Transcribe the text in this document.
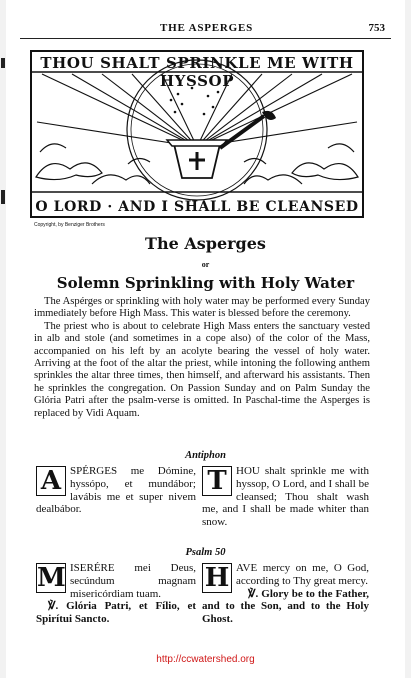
THE ASPERGES	753
THOU SHALT SPRINKLE ME WITH HYSSOP
O LORD · AND I SHALL BE CLEANSED
Copyright, by Benziger Brothers
The Asperges
or
Solemn Sprinkling with Holy Water

The Aspérges or sprinkling with holy water may be performed every Sunday immediately before High Mass. This water is blessed before the ceremony.

The priest who is about to celebrate High Mass enters the sanctuary vested in alb and stole (and sometimes in a cope also) of the color of the Mass, accompanied on his left by an acolyte bearing the vessel of holy water. Arriving at the foot of the altar the priest, while intoning the following anthem sprinkles the altar three times, then himself, and afterward his assistants. Then he sprinkles the congregation. On Passion Sunday and on Palm Sunday the Glória Patri after the psalm-verse is omitted. In Paschal-time the Asperges is replaced by Vidi Aquam.

Antiphon
A SPÉRGES me Dómine, hyssópo, et mundábor; lavábis me et super nivem dealbábor.
T HOU shalt sprinkle me with hyssop, O Lord, and I shall be cleansed; Thou shalt wash me, and I shall be made whiter than snow.
Psalm 50
M ISERÉRE mei Deus, secúndum magnam misericórdiam tuam.
℣. Glória Patri, et Fílio, et Spirítui Sancto.
H AVE mercy on me, O God, according to Thy great mercy.
℣. Glory be to the Father, and to the Son, and to the Holy Ghost.
http://ccwatershed.org
